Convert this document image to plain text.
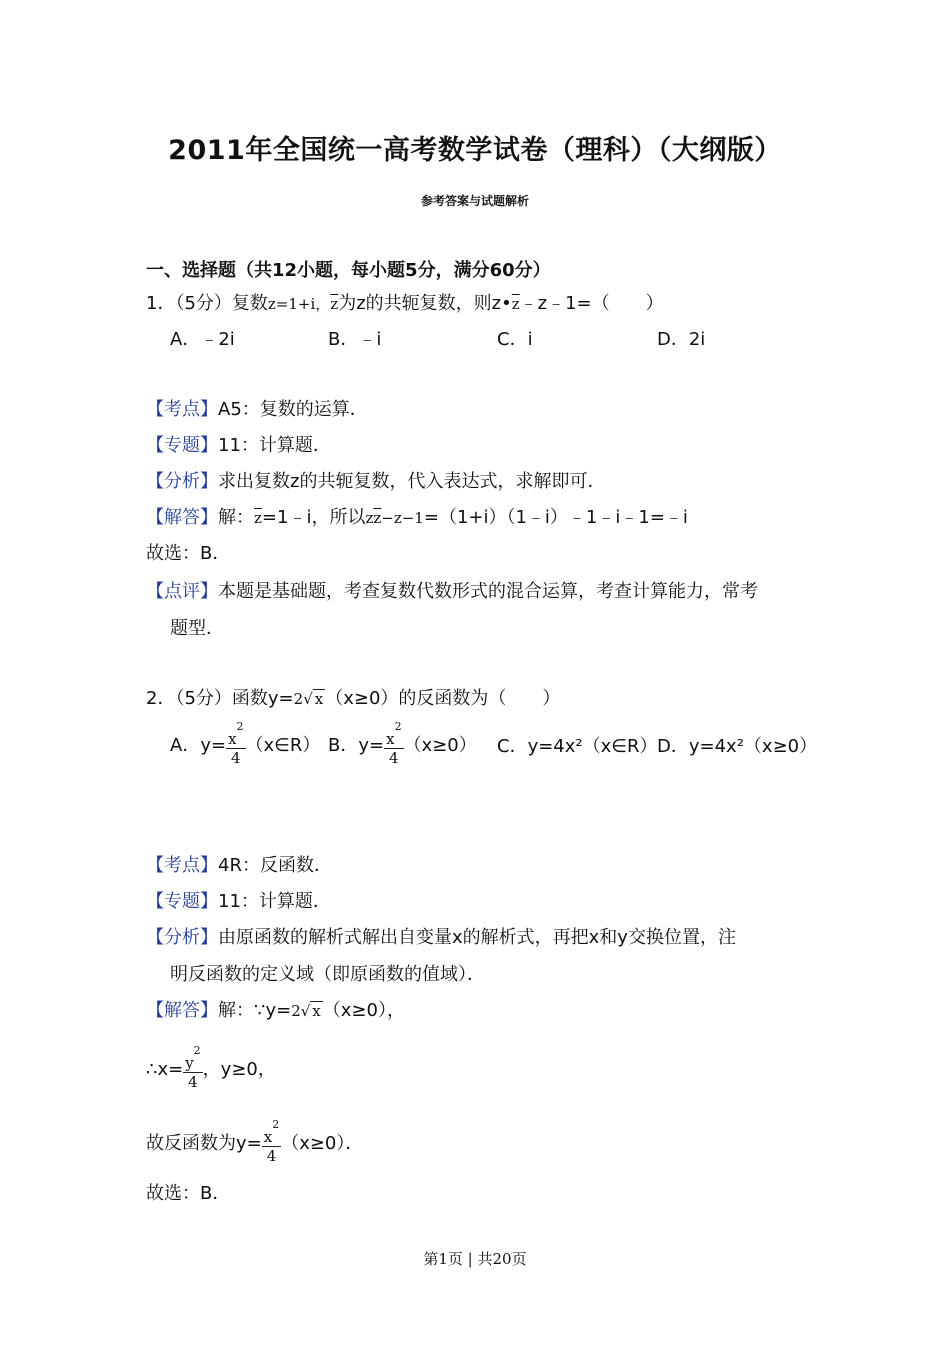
2011年全国统一高考数学试卷（理科）（大纲版）
参考答案与试题解析
一、选择题（共12小题，每小题5分，满分60分）
1．（5分）复数z=1+i，$\overline{z}$为z的共轭复数，则$z•\overline{z}﹣z﹣1=$（　　）
A．﹣2i	B．﹣i	C．i	D．2i
【考点】A5：复数的运算．
【专题】11：计算题．
【分析】求出复数z的共轭复数，代入表达式，求解即可．
【解答】解：$\overline{z}=1﹣i$，所以$z\overline{z}-z-1=(1+i)(1﹣i)﹣1﹣i﹣1=﹣i$
故选：B．
【点评】本题是基础题，考查复数代数形式的混合运算，考查计算能力，常考
题型．
2．（5分）函数y=2√ x （x≥0）的反函数为（　　）
A．$y= \frac{x^2}{4}$ （x∈R） B．$y= \frac{x^2}{4} (x\ge 0)$ C．y=4x²（x∈R） D．y=4x²（x≥0）
【考点】4R：反函数．
【专题】11：计算题．
【分析】由原函数的解析式解出自变量x的解析式，再把x和y交换位置，注
明反函数的定义域（即原函数的值域）．
【解答】解：∵y=2√ x （x≥0），
∴x= $\frac{y^2}{4}$ ，y≥0，
故反函数为$y= \frac{x^2}{4} (x\ge 0)$．
故选：B．
第1页 | 共20页
